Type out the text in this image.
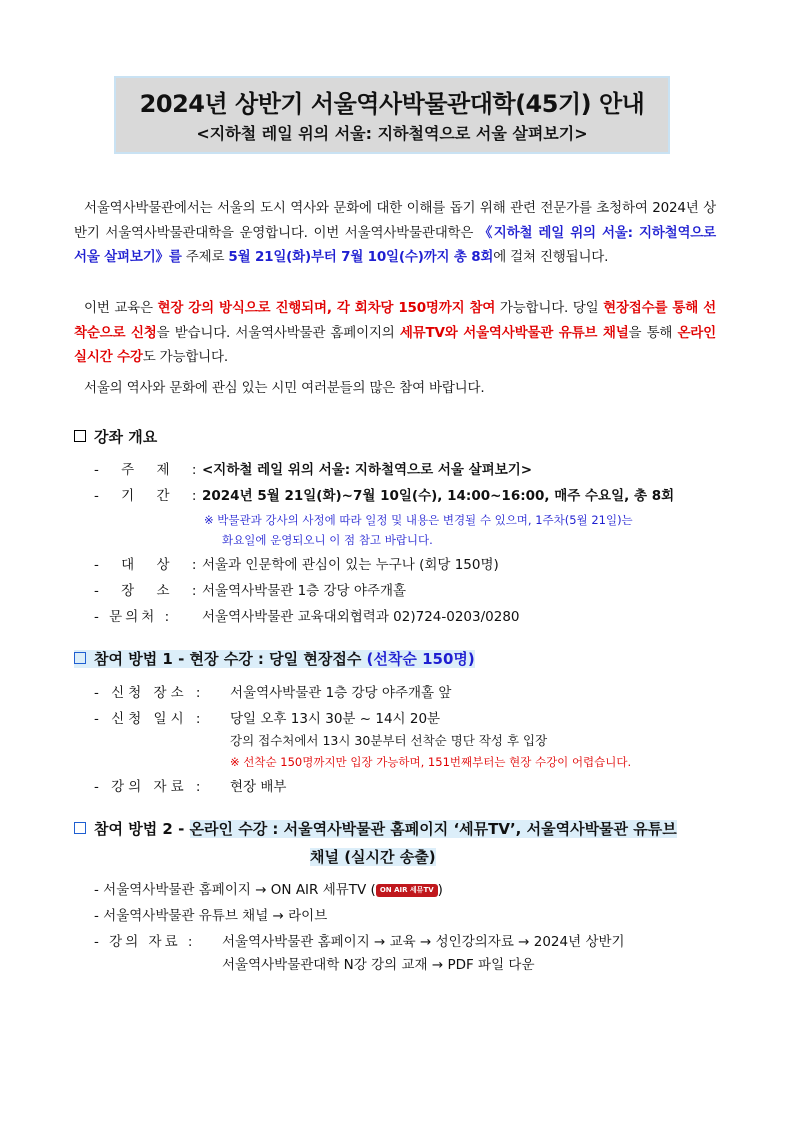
2024년 상반기 서울역사박물관대학(45기) 안내
<지하철 레일 위의 서울: 지하철역으로 서울 살펴보기>
서울역사박물관에서는 서울의 도시 역사와 문화에 대한 이해를 돕기 위해 관련 전문가를 초청하여 2024년 상반기 서울역사박물관대학을 운영합니다. 이번 서울역사박물관대학은 《지하철 레일 위의 서울: 지하철역으로 서울 살펴보기》를 주제로 5월 21일(화)부터 7월 10일(수)까지 총 8회에 걸쳐 진행됩니다.
이번 교육은 현장 강의 방식으로 진행되며, 각 회차당 150명까지 참여 가능합니다. 당일 현장접수를 통해 선착순으로 신청을 받습니다. 서울역사박물관 홈페이지의 세뮤TV와 서울역사박물관 유튜브 채널을 통해 온라인 실시간 수강도 가능합니다.
서울의 역사와 문화에 관심 있는 시민 여러분들의 많은 참여 바랍니다.
강좌 개요
- 주 제 :<지하철 레일 위의 서울: 지하철역으로 서울 살펴보기>
- 기 간 :2024년 5월 21일(화)~7월 10일(수), 14:00~16:00, 매주 수요일, 총 8회
※ 박물관과 강사의 사정에 따라 일정 및 내용은 변경될 수 있으며, 1주차(5월 21일)는
화요일에 운영되오니 이 점 참고 바랍니다.
- 대 상 :서울과 인문학에 관심이 있는 누구나 (회당 150명)
- 장 소 :서울역사박물관 1층 강당 야주개홀
- 문의처 : 서울역사박물관 교육대외협력과 02)724-0203/0280
참여 방법 1 - 현장 수강 : 당일 현장접수 (선착순 150명)
- 신청 장소 : 서울역사박물관 1층 강당 야주개홀 앞
- 신청 일시 : 당일 오후 13시 30분 ~ 14시 20분
강의 접수처에서 13시 30분부터 선착순 명단 작성 후 입장
※ 선착순 150명까지만 입장 가능하며, 151번째부터는 현장 수강이 어렵습니다.
- 강의 자료 : 현장 배부
참여 방법 2 - 온라인 수강 : 서울역사박물관 홈페이지 ‘세뮤TV’, 서울역사박물관 유튜브
채널 (실시간 송출)
- 서울역사박물관 홈페이지 → ON AIR 세뮤TV ( ON AIR 세뮤TV )
- 서울역사박물관 유튜브 채널 → 라이브
- 강의 자료 : 서울역사박물관 홈페이지 → 교육 → 성인강의자료 → 2024년 상반기
서울역사박물관대학 N강 강의 교재 → PDF 파일 다운
